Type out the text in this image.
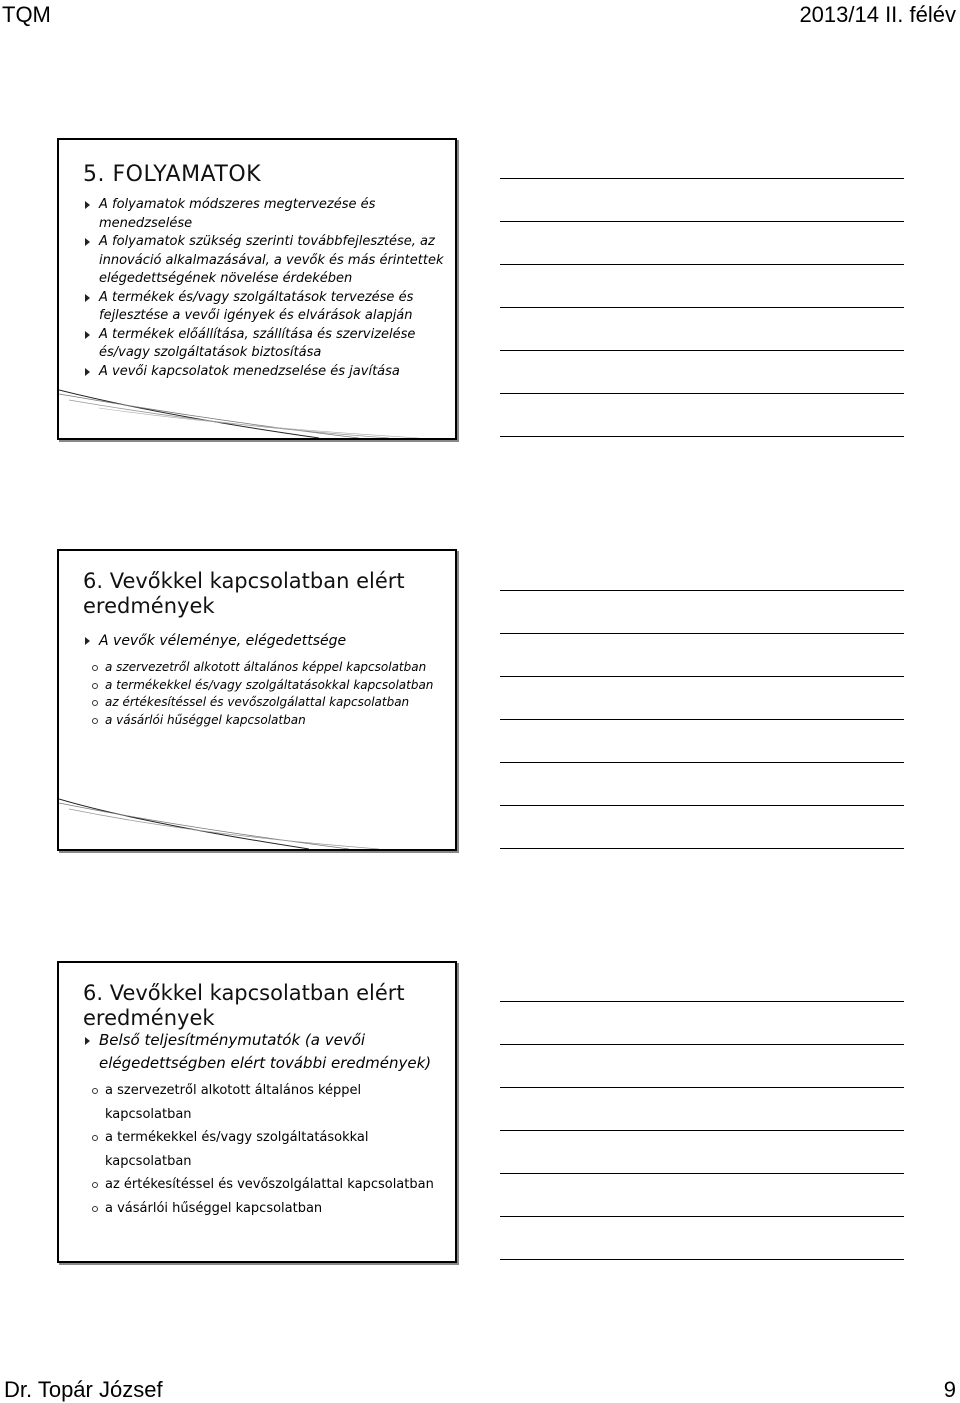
TQM	2013/14 II. félév
5. FOLYAMATOK
A folyamatok módszeres megtervezése és menedzselése
A folyamatok szükség szerinti továbbfejlesztése, az innováció alkalmazásával, a vevők és más érintettek elégedettségének növelése érdekében
A termékek és/vagy szolgáltatások tervezése és fejlesztése a vevői igények és elvárások alapján
A termékek előállítása, szállítása és szervizelése és/vagy szolgáltatások biztosítása
A vevői kapcsolatok menedzselése és javítása
6. Vevőkkel kapcsolatban elért eredmények
A vevők véleménye, elégedettsége
a szervezetről alkotott általános képpel kapcsolatban
a termékekkel és/vagy szolgáltatásokkal kapcsolatban
az értékesítéssel és vevőszolgálattal kapcsolatban
a vásárlói hűséggel kapcsolatban
6. Vevőkkel kapcsolatban elért eredmények
Belső teljesítménymutatók (a vevői elégedettségben elért további eredmények)
a szervezetről alkotott általános képpel kapcsolatban
a termékekkel és/vagy szolgáltatásokkal kapcsolatban
az értékesítéssel és vevőszolgálattal kapcsolatban
a vásárlói hűséggel kapcsolatban
Dr. Topár József	9
